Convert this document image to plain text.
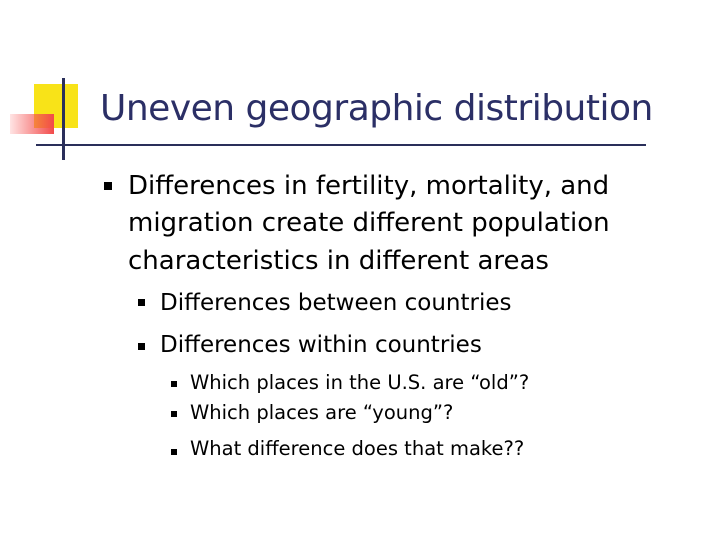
Uneven geographic distribution
Differences in fertility, mortality, and
migration create different population
characteristics in different areas
Differences between countries
Differences within countries
Which places in the U.S. are “old”?
Which places are “young”?
What difference does that make??
